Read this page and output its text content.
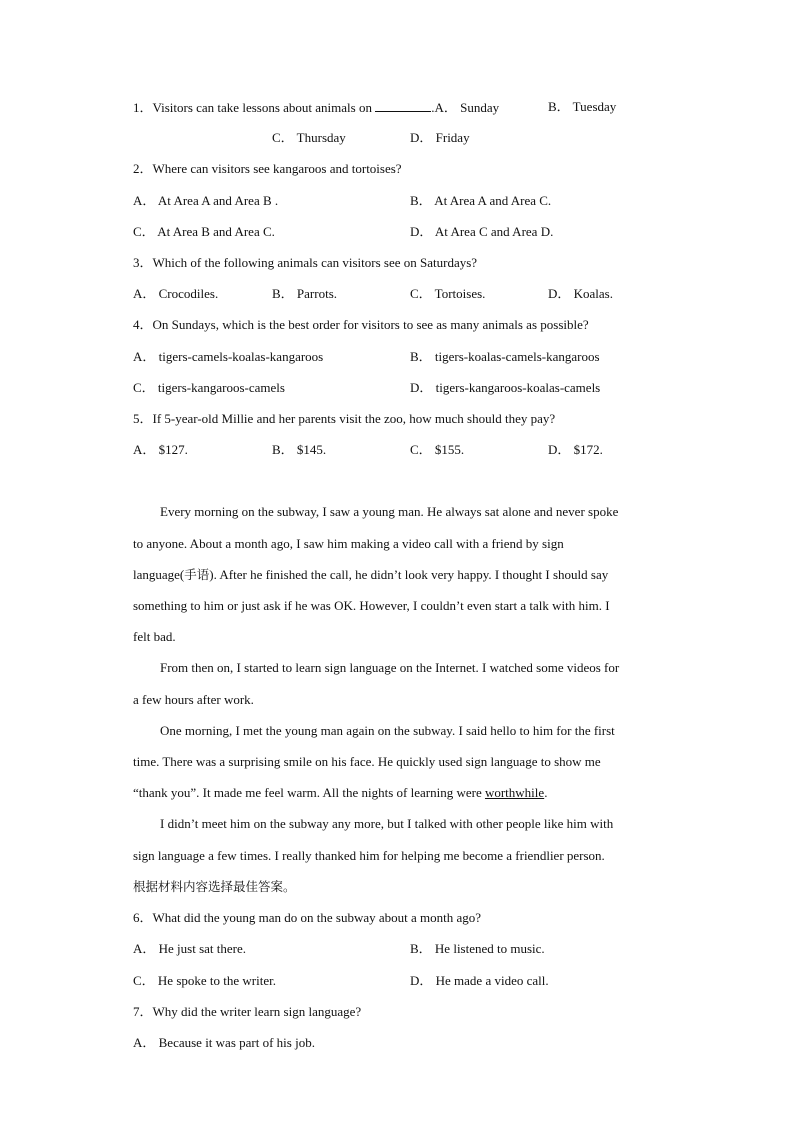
1．Visitors can take lessons about animals on	.A． Sunday	B． Tuesday
C． Thursday	D． Friday
2．Where can visitors see kangaroos and tortoises?
A． At Area A and Area B .	B． At Area A and Area C.
C． At Area B and Area C.	D． At Area C and Area D.
3．Which of the following animals can visitors see on Saturdays?
A． Crocodiles.	B． Parrots.	C． Tortoises.	D． Koalas.
4．On Sundays, which is the best order for visitors to see as many animals as possible?
A． tigers-camels-koalas-kangaroos	B． tigers-koalas-camels-kangaroos
C． tigers-kangaroos-camels	D． tigers-kangaroos-koalas-camels
5．If 5-year-old Millie and her parents visit the zoo, how much should they pay?
A． $127.	B． $145.	C． $155.	D． $172.
Every morning on the subway, I saw a young man. He always sat alone and never spoke
to anyone. About a month ago, I saw him making a video call with a friend by sign
language(手语). After he finished the call, he didn’t look very happy. I thought I should say
something to him or just ask if he was OK. However, I couldn’t even start a talk with him. I
felt bad.
From then on, I started to learn sign language on the Internet. I watched some videos for
a few hours after work.
One morning, I met the young man again on the subway. I said hello to him for the first
time. There was a surprising smile on his face. He quickly used sign language to show me
“thank you”. It made me feel warm. All the nights of learning were worthwhile.
I didn’t meet him on the subway any more, but I talked with other people like him with
sign language a few times. I really thanked him for helping me become a friendlier person.
根据材料内容选择最佳答案。
6．What did the young man do on the subway about a month ago?
A． He just sat there.	B． He listened to music.
C． He spoke to the writer.	D． He made a video call.
7．Why did the writer learn sign language?
A． Because it was part of his job.
